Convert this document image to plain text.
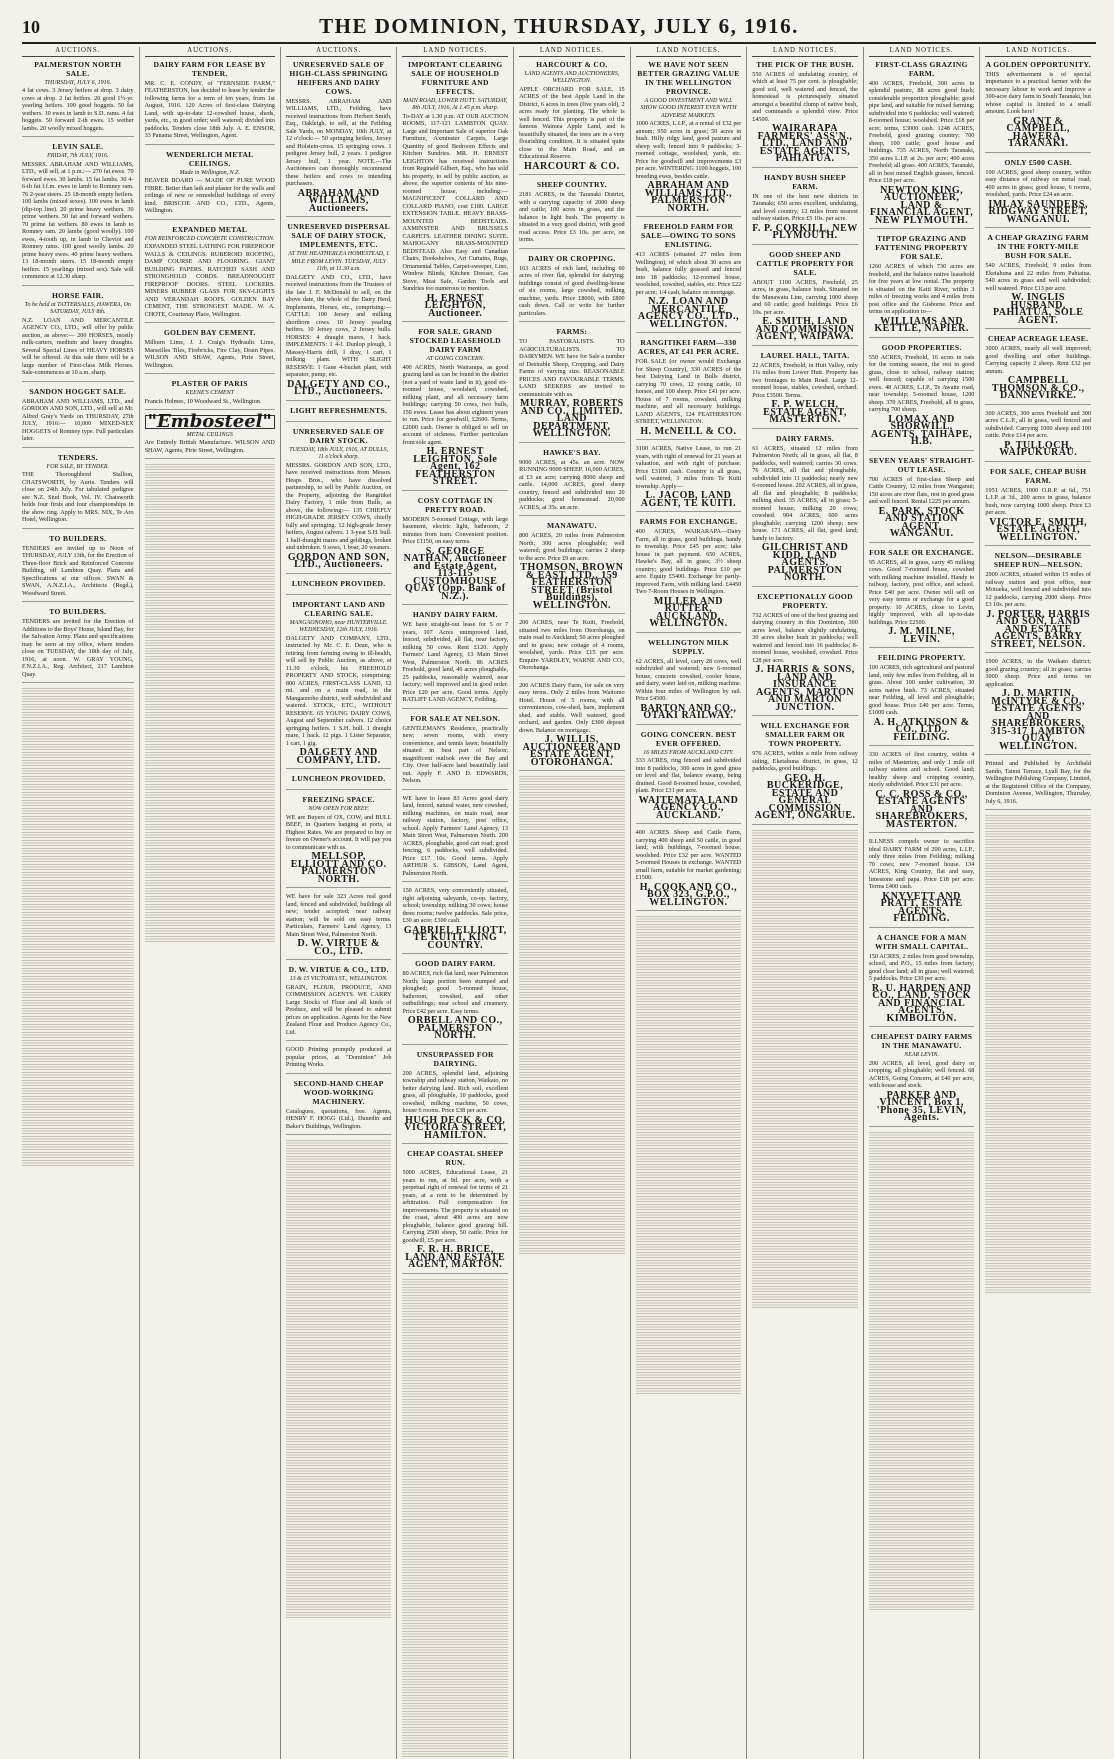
10	THE DOMINION, THURSDAY, JULY 6, 1916.
AUCTIONS.
PALMERSTON NORTH SALE.
THURSDAY, JULY 6, 1916.
4 fat cows. 3 Jersey heifers at drop. 3 dairy cows at drop. 2 fat heifers. 20 good 1½-yr. yearling heifers. 100 good hoggets. 50 fat wethers. 10 ewes in lamb to S.D. rams. 4 fat hoggets. 50 forward 2-th ewes. 15 wether lambs. 20 woolly mixed hoggets.
LEVIN SALE.
FRIDAY, 7th JULY, 1916.
MESSRS. ABRAHAM AND WILLIAMS, LTD., will sell, at 1 p.m.:— 270 fat ewes. 70 forward ewes. 30 lambs. 15 fat lambs. 30 4-6-th fat f.f.m. ewes in lamb to Romney ram. 76 2-year steers. 25 18-month empty heifers. 100 lambs (mixed sexes). 100 ewes in lamb (dip-top line). 20 prime heavy wethers. 30 prime wethers. 50 fat and forward wethers. 70 prime fat wethers. 80 ewes in lamb to Romney ram. 20 lambs (good woolly). 100 ewes, 4-tooth up, in lamb to Cheviot and Romney rams. 100 good woolly lambs. 20 prime heavy ewes. 40 prime heavy wethers. 13 18-month steers. 15 18-month empty heifers. 15 yearlings (mixed sex). Sale will commence at 12.30 sharp.
HORSE FAIR.
To be held at TATTERSALLS, HAWERA, On SATURDAY, JULY 8th.
N.Z. LOAN AND MERCANTILE AGENCY CO., LTD., will offer by public auction, as above:— 200 HORSES, mostly milk-carters, medium and heavy draughts. Several Special Lines of HEAVY HORSES will be offered. At this sale there will be a large number of First-class Milk Horses. Sale-commences at 10 a.m. sharp.
SANDON HOGGET SALE.
ABRAHAM AND WILLIAMS, LTD., and GORDON AND SON, LTD., will sell at Mr. Alfred Gray's Yards on THURSDAY, 27th JULY, 1916:— 10,000 MIXED-SEX HOGGETS of Romney type. Full particulars later.
TENDERS.
FOR SALE, BY TENDER.
THE Thoroughbred Stallion, CHATSWORTH, by Aurie. Tenders will close on 24th July. For tabulated pedigree see N.Z. Stud Book, Vol. IV. Chatsworth holds four firsts and four championships in the show ring. Apply to MRS. NIX, Te Aro Hotel, Wellington.
TO BUILDERS.
TENDERS are invited up to Noon of THURSDAY, JULY 13th, for the Erection of Three-floor Brick and Reinforced Concrete Building, off Lambton Quay. Plans and Specifications at our offices. SWAN & SWAN, A.N.Z.I.A., Architects (Regd.), Woodward Street.
TO BUILDERS.
TENDERS are invited for the Erection of Additions to the Boys' Home, Island Bay, for the Salvation Army. Plans and specifications may be seen at my office, where tenders close on TUESDAY, the 18th day of July, 1916, at noon. W. GRAY YOUNG, F.N.Z.I.A., Reg. Architect, 217 Lambton Quay.
AUCTIONS.
DAIRY FARM FOR LEASE BY TENDER.
MR. C. E. CONDY, of "FERNSIDE FARM," FEATHERSTON, has decided to lease by tender the following farms for a term of ten years, from 1st August, 1916. 120 Acres of first-class Dairying Land, with up-to-date 12-cowshed house, sheds, yards, etc., in good order; well watered; divided into paddocks. Tenders close 18th July. A. E. ENSOR, 33 Panama Street, Wellington, Agent.
WENDERLICH METAL CEILINGS.
Made in Wellington, N.Z.
BEAVER BOARD — MADE OF PURE WOOD FIBRE. Better than lath and plaster for the walls and ceilings of new or remodelled buildings of every kind. BRISCOE AND CO., LTD., Agents, Wellington.
EXPANDED METAL
FOR REINFORCED CONCRETE CONSTRUCTION.
EXPANDED STEEL LATHING FOR FIREPROOF WALLS & CEILINGS. RUBEROID ROOFING, DAMP COURSE AND FLOORING. GIANT BUILDING PAPERS. RATCHED SASH AND STRONGHOLD CORDS. BREADNOUGHT FIREPROOF DOORS. STEEL LOCKERS. MINERS RUBBER GLASS FOR SKY-LIGHTS AND VERANDAH ROOFS. GOLDEN BAY CEMENT, THE STRONGEST MADE. W. A. CHOTE, Courtenay Place, Wellington.
GOLDEN BAY CEMENT.
Milburn Lime, J. J. Craig's Hydraulic Lime, Marseilles Tiles, Firebricks, Fire Clay, Drain Pipes. WILSON AND SHAW, Agents, Pirie Street, Wellington.
PLASTER OF PARIS
KEENE'S CEMENT
Francis Holmes, 10 Woodward St., Wellington.
"Embosteel"
METAL CEILINGS
Are Entirely British Manufacture. WILSON AND SHAW, Agents, Pirie Street, Wellington.
AUCTIONS.
UNRESERVED SALE OF HIGH-CLASS SPRINGING HEIFERS AND DAIRY COWS.
MESSRS. ABRAHAM AND WILLIAMS, LTD., Feilding, have received instructions from Herbert Smith, Esq., Oakleigh, to sell, at the Feilding Sale Yards, on MONDAY, 10th JULY, at 12 o'clock:— 50 springing heifers, Jersey and Holstein-cross. 15 springing cows. 1 pedigree Jersey bull, 2 years. 1 pedigree Jersey bull, 1 year. NOTE.—The Auctioneers can thoroughly recommend these heifers and cows to intending purchasers.
ABRAHAM AND WILLIAMS, Auctioneers.
UNRESERVED DISPERSAL SALE OF DAIRY STOCK, IMPLEMENTS, ETC.
AT THE HEATHERLEA HOMESTEAD, 1 MILE FROM LEVIN. TUESDAY, JULY 11th, at 11.30 a.m.
DALGETY AND CO., LTD., have received instructions from the Trustees of the late J. F. McDonald to sell, on the above date, the whole of the Dairy Herd, Implements, Horses, etc., comprising:— CATTLE: 100 Jersey and milking shorthorn cows. 10 Jersey yearling heifers. 10 Jersey cows, 2 Jersey bulls. HORSES: 4 draught mares, 1 hack. IMPLEMENTS: 1 4-f. Dunlop plough, 1 Massey-Harris drill, 1 dray, 1 cart, 1 milking plant. WITH SLIGHT RESERVE: 1 Gane 4-bucket plant, with separator, pump, etc.
DALGETY AND CO., LTD., Auctioneers.
LIGHT REFRESHMENTS.
UNRESERVED SALE OF DAIRY STOCK.
TUESDAY, 18th JULY, 1916, AT DULLS, 11 o'clock sharp.
MESSRS. GORDON AND SON, LTD., have received instructions from Messrs. Heaps Bros., who have dissolved partnership, to sell by Public Auction, on the Property, adjoining the Rangitikei Dairy Factory, 1 mile from Bulls, as above, the following:— 135 CHIEFLY HIGH-GRADE JERSEY COWS, chiefly fully and springing. 12 high-grade Jersey heifers, August calvers. 1 3-year S.H. bull. 1 half-draught mares and geldings, broken and unbroken. 9 sows, 1 boar, 20 weaners.
GORDON AND SON, LTD., Auctioneers.
LUNCHEON PROVIDED.
IMPORTANT LAND AND CLEARING SALE.
MANGAONOHO, near HUNTERVILLE. WEDNESDAY, 12th JULY, 1916.
DALGETY AND COMPANY, LTD., instructed by Mr. C. E. Dean, who is retiring from farming owing to ill-health, will sell by Public Auction, as above, at 11.30 o'clock, his FREEHOLD PROPERTY AND STOCK, comprising: 800 ACRES, FIRST-CLASS LAND, 12 mi. and on a main road, in the Mangaonoho district, well subdivided and watered. STOCK, ETC., WITHOUT RESERVE. 65 YOUNG DAIRY COWS, August and September calvers. 12 choice springing heifers. 1 S.H. bull. 1 draught mare, 1 hack. 12 pigs. 1 Lister Separator, 1 cart, 1 gig.
DALGETY AND COMPANY, LTD.
LUNCHEON PROVIDED.
FREEZING SPACE.
NOW OPEN FOR BEEF.
WE are Buyers of OX, COW, and BULL BEEF, in Quarters hanging at ports, at Highest Rates. We are prepared to buy or freeze on Owner's account. It will pay you to communicate with us.
MELLSOP, ELLIOTT AND CO. PALMERSTON NORTH.
WE have for sale 323 Acres real good land, fenced and subdivided, buildings all new; tender accepted; near railway station; will be sold on easy terms. Particulars, Farmers' Land Agency, 13 Main Street West, Palmerston North.
D. W. VIRTUE & CO., LTD.
D. W. VIRTUE & CO., LTD.
13 & 15 VICTORIA ST., WELLINGTON.
GRAIN, FLOUR, PRODUCE, AND COMMISSION AGENTS. WE CARRY Large Stocks of Flour and all kinds of Produce, and will be pleased to submit prices on application. Agents for the New Zealand Flour and Produce Agency Co., Ltd.
GOOD Printing promptly produced at popular prices, at "Dominion" Job Printing Works.
SECOND-HAND CHEAP WOOD-WORKING MACHINERY.
Catalogues, quotations, free. Agents, HENRY F. HOGG (Ltd.), Dunedin and Baker's Buildings, Wellington.
LAND NOTICES.
IMPORTANT CLEARING SALE OF HOUSEHOLD FURNITURE AND EFFECTS.
MAIN ROAD, LOWER HUTT. SATURDAY, 8th JULY, 1916, At 1.45 p.m. sharp.
To-DAY at 1.30 p.m. AT OUR AUCTION ROOMS, 117-121 LAMBTON QUAY. Large and Important Sale of superior Oak Furniture, Axminster Carpets, Large Quantity of good Bedroom Effects and Kitchen Sundries. MR. H. ERNEST LEIGHTON has received instructions from Reginald Gilbert, Esq., who has sold his property, to sell by public auction, as above, the superior contents of his nine-roomed house, including:— MAGNIFICENT COLLARD AND COLLARD PIANO, cost £180. LARGE EXTENSION TABLE. HEAVY BRASS-MOUNTED BEDSTEADS. AXMINSTER AND BRUSSELS CARPETS. LEATHER DINING SUITE. MAHOGANY BRASS-MOUNTED BEDSTEAD. Also Easy and Canadian Chairs, Bookshelves, Art Curtains, Rugs, Ornamental Tables, Carpet-sweeper, Lino, Window Blinds, Kitchen Dresser, Gas Stove, Meat Safe, Garden Tools and Sundries too numerous to mention.
H. ERNEST LEIGHTON, Auctioneer.
FOR SALE. GRAND STOCKED LEASEHOLD DAIRY FARM
AT GOING CONCERN.
400 ACRES, North Wairarapa, as good grazing land as can be found in the district (not a yard of waste land in it), good six-roomed house, woolshed, cowshed, milking plant, and all necessary farm buildings; carrying 50 cows, two bulls, 150 ewes. Lease has about eighteen years to run. Price for goodwill, £2600. Terms, £2000 cash. Owner is obliged to sell on account of sickness. Further particulars from sole agent.
H. ERNEST LEIGHTON, Sole Agent, 162 FEATHERSTON STREET.
COSY COTTAGE IN PRETTY ROAD.
MODERN 5-roomed Cottage, with large basement, electric light, bathroom, 2 minutes from tram. Convenient position. Price £1150, on easy terms.
S. GEORGE NATHAN, Auctioneer and Estate Agent, 113-115 CUSTOMHOUSE QUAY (Opp. Bank of N.Z.).
HANDY DAIRY FARM.
WE have straight-out lease for 5 or 7 years, 107 Acres unimproved land, fenced, subdivided, all flat, near factory, milking 50 cows. Rent £120. Apply Farmers' Land Agency, 13 Main Street West, Palmerston North. 86 ACRES Freehold, good land, 46 acres ploughable, 25 paddocks, reasonably watered, near factory; well improved and in good order. Price £20 per acre. Good terms. Apply RATLIFF LAND AGENCY, Feilding.
FOR SALE AT NELSON.
GENTLEMAN'S Residence, practically new; seven rooms, with every convenience, and tennis lawn; beautifully situated in best part of Nelson; magnificent outlook over the Bay and City. Over half-acre land beautifully laid out. Apply F. AND D. EDWARDS, Nelson.
WE have to lease 83 Acres good dairy land, fenced, natural water, new cowshed, milking machines, on main road, near railway station, factory, post office, school. Apply Farmers' Land Agency, 13 Main Street West, Palmerston North. 200 ACRES, ploughable, good cart road; good fencing, 6 paddocks, well subdivided. Price £17 10s. Good terms. Apply ARTHUR S. GIBSON, Land Agent, Palmerston North.
150 ACRES, very conveniently situated, right adjoining saleyards, co-op. factory, school; township; milking 30 cows; house three rooms; twelve paddocks. Sale price, £30 an acre; £300 cash.
GABRIEL ELLIOTT, TE KUITI, KING COUNTRY.
GOOD DAIRY FARM.
80 ACRES, rich flat land, near Palmerston North; large portion been stumped and ploughed; good 5-roomed house, bathroom, cowshed, and other outbuildings; near school and creamery. Price £42 per acre. Easy terms.
ORBELL AND CO., PALMERSTON NORTH.
UNSURPASSED FOR DAIRYING.
200 ACRES, splendid land, adjoining township and railway station, Waikato, no better dairying land. Rich soil, excellent grass, all ploughable, 10 paddocks, good cowshed, milking machine, 50 cows, house 6 rooms. Price £38 per acre.
HUGH DECK & CO. VICTORIA STREET, HAMILTON.
CHEAP COASTAL SHEEP RUN.
5000 ACRES, Educational Lease, 21 years to run, at 9d. per acre, with a perpetual right of renewal for terms of 21 years, at a rent to be determined by arbitration. Full compensation for improvements. The property is situated on the coast, about 400 acres are now ploughable, balance good grazing hill. Carrying 2500 sheep, 50 cattle. Price for goodwill, £5 per acre.
F. R. H. BRICE, LAND AND ESTATE AGENT, MARTON.
LAND NOTICES.
HARCOURT & CO.
LAND AGENTS AND AUCTIONEERS, WELLINGTON.
APPLE ORCHARD FOR SALE. 15 ACRES of the best Apple Land in the District, 6 acres in trees (five years old), 2 acres ready for planting. The whole is well fenced. This property is part of the famous Waimea Apple Land, and is beautifully situated, the trees are in a very flourishing condition. It is situated quite close to the Main Road, and an Educational Reserve.
HARCOURT & CO.
SHEEP COUNTRY.
2181 ACRES, in the Taranaki District, with a carrying capacity of 2000 sheep and cattle; 100 acres in grass, and the balance in light bush. The property is situated in a very good district, with good road access. Price £3 10s. per acre, on terms.
DAIRY OR CROPPING.
163 ACRES of rich land, including 60 acres of river flat, splendid for dairying; buildings consist of good dwelling-house of six rooms, large cowshed, milking machine, yards. Price £8000, with £800 cash down. Call or write for further particulars.
FARMS:
TO PASTORALISTS. TO AGRICULTURALISTS. TO DAIRYMEN. WE have for Sale a number of Desirable Sheep, Cropping, and Dairy Farms of varying size. REASONABLE PRICES AND FAVOURABLE TERMS. LAND SEEKERS are invited to communicate with us.
MURRAY, ROBERTS AND CO., LIMITED. LAND DEPARTMENT, WELLINGTON.
HAWKE'S BAY.
9000 ACRES, at 45s. an acre. NOW RUNNING 9000 SHEEP. 16,000 ACRES, at £3 an acre; carrying 8000 sheep and cattle. 14,000 ACRES, good sheep country, fenced and subdivided into 20 paddocks; good homestead. 20,000 ACRES, at 35s. an acre.
MANAWATU.
800 ACRES, 20 miles from Palmerston North; 300 acres ploughable; well watered; good buildings; carries 2 sheep to the acre. Price £9 an acre.
THOMSON, BROWN & EAST, LTD., 159 FEATHERSTON STREET (Bristol Buildings), WELLINGTON.
200 ACRES, near Te Kuiti, Freehold, situated two miles from Otorohanga, on main road to Auckland; 50 acres ploughed and in grass; new cottage of 4 rooms, woolshed, yards. Price £15 per acre. Enquire YARDLEY, WARNE AND CO., Otorohanga.
200 ACRES Dairy Farm, for sale on very easy terms. Only 2 miles from Waitomo Hotel. House of 5 rooms, with all conveniences, cow-shed, barn, implement shed, and stable. Well watered, good orchard, and garden. Only £300 deposit down. Balance on mortgage.
J. WILLIS, AUCTIONEER AND ESTATE AGENT, OTOROHANGA.
LAND NOTICES.
WE HAVE NOT SEEN BETTER GRAZING VALUE IN THE WELLINGTON PROVINCE.
A GOOD INVESTMENT AND WILL SHOW GOOD INTEREST EVEN WITH ADVERSE MARKETS.
1000 ACRES, L.I.P., at a rental of £32 per annum; 950 acres in grass; 50 acres in bush. Hilly ridgy land, good pasture and sheep well; fenced into 9 paddocks; 3-roomed cottage, woolshed, yards, etc. Price for goodwill and improvements £3 per acre. WINTERING 1100 hoggets, 100 breeding ewes, besides cattle.
ABRAHAM AND WILLIAMS LTD., PALMERSTON NORTH.
FREEHOLD FARM FOR SALE—OWING TO SONS ENLISTING.
413 ACRES (situated 27 miles from Wellington), of which about 30 acres are bush, balance fully grassed and fenced into 18 paddocks; 12-roomed house, woolshed, cowshed, stables, etc. Price £22 per acre; 1/4 cash, balance on mortgage.
N.Z. LOAN AND MERCANTILE AGENCY CO., LTD., WELLINGTON.
RANGITIKEI FARM—330 ACRES, AT £41 PER ACRE.
FOR SALE (or owner would Exchange for Sheep Country), 330 ACRES of the best Dairying Land in Bulls district, carrying 70 cows, 12 young cattle, 10 horses, and 100 sheep. Price £41 per acre. House of 7 rooms, cowshed, milking machine, and all necessary buildings. LAND AGENTS, 124 FEATHERSTON STREET, WELLINGTON.
H. McNEILL & CO.
3100 ACRES, Native Lease, to run 21 years, with right of renewal for 21 years at valuation, and with right of purchase. Price £3100 cash. Country is all grass, well watered, 3 miles from Te Kuiti township. Apply—
L. JACOB, LAND AGENT, TE KUITI.
FARMS FOR EXCHANGE.
400 ACRES, WAIRARAPA—Dairy Farm, all in grass, good buildings, handy to township. Price £45 per acre; take house in part payment. 650 ACRES, Hawke's Bay, all in grass; 3½ sheep country; good buildings. Price £10 per acre. Equity £5400. Exchange for partly-improved Farm, with milking land. £4450 Two 7-Room Houses in Wellington.
MILLER AND RUTTER, AUCKLAND, WELLINGTON.
WELLINGTON MILK SUPPLY.
62 ACRES, all level, carry 28 cows, well subdivided and watered; new 6-roomed house, concrete cowshed, cooler house, and dairy, water laid on, milking machine. Within four miles of Wellington by rail. Price £4500.
BARTON AND CO., OTAKI RAILWAY.
GOING CONCERN. BEST EVER OFFERED.
16 MILES FROM AUCKLAND CITY.
333 ACRES, ring fenced and subdivided into 8 paddocks, 300 acres in good grass on level and flat, balance swamp, being drained. Good 8-roomed house, cowshed, plant. Price £31 per acre.
WAITEMATA LAND AGENCY CO., AUCKLAND.
400 ACRES Sheep and Cattle Farm, carrying 400 sheep and 50 cattle, in good land; with buildings, 7-roomed house, woolshed. Price £32 per acre. WANTED 5-roomed Houses in exchange. WANTED small farm, suitable for market gardening; £1500.
H. COOK AND CO., BOX 323, G.P.O., WELLINGTON.
LAND NOTICES.
THE PICK OF THE BUSH.
550 ACRES of undulating country, of which at least 75 per cent. is ploughable; good soil, well watered and fenced, the homestead is picturesquely situated amongst a beautiful clump of native bush, and commands a splendid view. Price £4500.
WAIRARAPA FARMERS' ASS'N., LTD., LAND AND ESTATE AGENTS, PAHIATUA.
HANDY BUSH SHEEP FARM.
IN one of the best new districts in Taranaki; 650 acres excellent, undulating, and level country; 12 miles from nearest railway station. Price £5 10s. per acre.
F. P. CORKILL, NEW PLYMOUTH.
GOOD SHEEP AND CATTLE PROPERTY FOR SALE.
ABOUT 1100 ACRES, Freehold, 25 acres, in grass, balance bush. Situated on the Manawatu Line, carrying 1000 sheep and 60 cattle; good buildings. Price £6 10s. per acre.
E. SMITH, LAND AND COMMISSION AGENT, WAIPAWA.
LAUREL HALL, TAITA.
22 ACRES, Freehold, in Hutt Valley, only 1¼ miles from Lower Hutt. Property has two frontages to Main Road. Large 12-roomed house, stables, cowshed, orchard. Price £3500. Terms.
F. P. WELCH, ESTATE AGENT, MASTERTON.
DAIRY FARMS.
61 ACRES, situated 12 miles from Palmerston North; all in grass, all flat, 8 paddocks, well watered; carries 30 cows. 76 ACRES, all flat and ploughable, subdivided into 11 paddocks; nearly new 6-roomed house. 202 ACRES, all in grass, all flat and ploughable; 8 paddocks; milking shed. 35 ACRES, all in grass; 5-roomed house; milking 20 cows; cowshed. 904 ACRES, 600 acres ploughable; carrying 1200 sheep; new house. 171 ACRES, all flat, good land; handy to factory.
GILCHRIST AND KIDD, LAND AGENTS, PALMERSTON NORTH.
EXCEPTIONALLY GOOD PROPERTY.
732 ACRES of one of the best grazing and dairying country in this Dominion, 300 acres level, balance slightly undulating, 30 acres shelter bush in paddocks; well watered and fenced into 16 paddocks; 8-roomed house, woolshed, cowshed. Price £28 per acre.
J. HARRIS & SONS, LAND AND INSURANCE AGENTS, MARTON AND MARTON JUNCTION.
WILL EXCHANGE FOR SMALLER FARM OR TOWN PROPERTY.
976 ACRES, within a mile from railway siding, Eketahuna district, in grass, 12 paddocks, good buildings.
GEO. H. BUCKERIDGE, ESTATE AND GENERAL COMMISSION AGENT, ONGARUE.
LAND NOTICES.
FIRST-CLASS GRAZING FARM.
400 ACRES, Freehold, 300 acres in splendid pasture, 88 acres good bush; considerable proportion ploughable; good pipe land, and suitable for mixed farming; subdivided into 6 paddocks; well watered; 8-roomed house; woolshed. Price £18 per acre; terms, £3000 cash. 1248 ACRES, Freehold, good grazing country; 700 sheep, 100 cattle; good house and buildings. 735 ACRES, North Taranaki, 350 acres L.I.P. at 2s. per acre; 400 acres Freehold; all grass. 400 ACRES, Taranaki, all in best mixed English grasses, fenced. Price £18 per acre.
NEWTON KING, AUCTIONEER, LAND & FINANCIAL AGENT, NEW PLYMOUTH.
TIPTOP GRAZING AND FATTENING PROPERTY FOR SALE.
1260 ACRES of which 730 acres are freehold, and the balance native leasehold for five years at low rental. The property is situated on the Kaiti River, within 3 miles of freezing works and 4 miles from post office and the Gisborne. Price and terms on application to—
WILLIAMS AND KETTLE, NAPIER.
GOOD PROPERTIES.
550 ACRES, Freehold, 16 acres in oats for the coming season, the rest in good grass, close to school, railway station; well fenced; capable of carrying 1500 ewes. 48 ACRES, L.I.P., Te Awaite road, near township; 5-roomed house, 1200 sheep. 370 ACRES, Freehold, all in grass, carrying 700 sheep.
LOMAX AND SHORWILL, AGENTS, TAIHAPE, H.B.
SEVEN YEARS' STRAIGHT-OUT LEASE.
700 ACRES of first-class Sheep and Cattle Country, 12 miles from Wanganui; 150 acres are river flats, rest in good grass and well fenced. Rental £225 per annum.
E. PARK, STOCK AND STATION AGENT, WANGANUI.
FOR SALE OR EXCHANGE.
95 ACRES, all in grass, carry 45 milking cows. Good 7-roomed house, cowshed with milking machine installed. Handy to railway, factory, post office, and school. Price £40 per acre. Owner will sell on very easy terms or exchange for a good property. 10 ACRES, close to Levin, highly improved, with all up-to-date buildings. Price £2500.
J. M. MILNE, LEVIN.
FEILDING PROPERTY.
100 ACRES, rich agricultural and pastoral land, only few miles from Feilding, all in grass. About 100 under cultivation, 30 acres native bush. 73 ACRES, situated near Feilding, all level and ploughable; good house. Price £40 per acre. Terms, £1000 cash.
A. H. ATKINSON & CO., LTD., FEILDING.
330 ACRES of first country, within 4 miles of Masterton, and only 1 mile off railway station and school. Good land; healthy sheep and cropping country, nicely subdivided. Price £31 per acre.
C. C. ROSS & CO., ESTATE AGENTS AND SHAREBROKERS, MASTERTON.
ILLNESS compels owner to sacrifice ideal DAIRY FARM of 200 acres, L.I.P., only three miles from Feilding; milking 70 cows; new 7-roomed house. 134 ACRES, King Country, flat and easy, limestone and papa. Price £18 per acre. Terms £400 cash.
KNYVETT AND PRATT, ESTATE AGENTS, FEILDING.
A CHANCE FOR A MAN WITH SMALL CAPITAL.
150 ACRES, 2 miles from good township, school, and P.O., 15 miles from factory; good clear land; all in grass; well watered; 5 paddocks. Price £30 per acre.
R. U. HARDEN AND CO., LAND, STOCK AND FINANCIAL AGENTS, KIMBOLTON.
CHEAPEST DAIRY FARMS IN THE MANAWATU.
NEAR LEVIN.
200 ACRES, all level, good dairy or cropping, all ploughable; well fenced. 68 ACRES, Going Concern, at £40 per acre, with house and stock.
PARKER AND VINCENT, Box 1, 'Phone 35, LEVIN, Agents.
LAND NOTICES.
A GOLDEN OPPORTUNITY.
THIS advertisement is of special importance to a practical farmer with the necessary labour to work and improve a 300-acre dairy farm in South Taranaki, but whose capital is limited to a small amount. Look here!
GRANT & CAMPBELL, HAWERA, TARANAKI.
ONLY £500 CASH.
100 ACRES, good sheep country, within easy distance of railway on metal road; 400 acres in grass; good house, 6 rooms, woolshed, yards. Price £24 an acre.
IMLAY SAUNDERS, RIDGWAY STREET, WANGANUI.
A CHEAP GRAZING FARM IN THE FORTY-MILE BUSH FOR SALE.
540 ACRES, Freehold, 9 miles from Eketahuna and 22 miles from Pahiatua. 540 acres in grass and well subdivided; well watered. Price £13 per acre.
W. INGLIS HUSBAND, PAHIATUA, SOLE AGENT.
CHEAP ACREAGE LEASE.
3000 ACRES, nearly all well improved; good dwelling and other buildings. Carrying capacity 2 sheep. Rent £32 per annum.
CAMPBELL THOMSON & CO., DANNEVIRKE.
300 ACRES, 300 acres Freehold and 300 acres C.L.P., all in grass, well fenced and subdivided. Carrying 1000 sheep and 100 cattle. Price £14 per acre.
P. TULLOCH, WAIPUKURAU.
FOR SALE, CHEAP BUSH FARM.
1951 ACRES, 1000 O.R.P. at 6d., 751 L.I.P. at 3d., 200 acres in grass, balance bush, now carrying 1000 sheep. Price £3 per acre.
VICTOR E. SMITH, ESTATE AGENT, WELLINGTON.
NELSON—DESIRABLE SHEEP RUN—NELSON.
2000 ACRES, situated within 15 miles of railway station and post office, near Motueka, well fenced and subdivided into 12 paddocks, carrying 2000 sheep. Price £3 10s. per acre.
J. PORTER, HARRIS AND SON, LAND AND ESTATE AGENTS, BARRY STREET, NELSON.
1900 ACRES, in the Waikato district; good grazing country; all in grass; carries 3000 sheep. Price and terms on application.
J. D. MARTIN, McINTYRE & CO., ESTATE AGENTS AND SHAREBROKERS, 315-317 LAMBTON QUAY, WELLINGTON.
Printed and Published by Archibald Sando, Tainui Terrace, Lyall Bay, for the Wellington Publishing Company, Limited, at the Registered Office of the Company, Dominion Avenue, Wellington, Thursday, July 6, 1916.
